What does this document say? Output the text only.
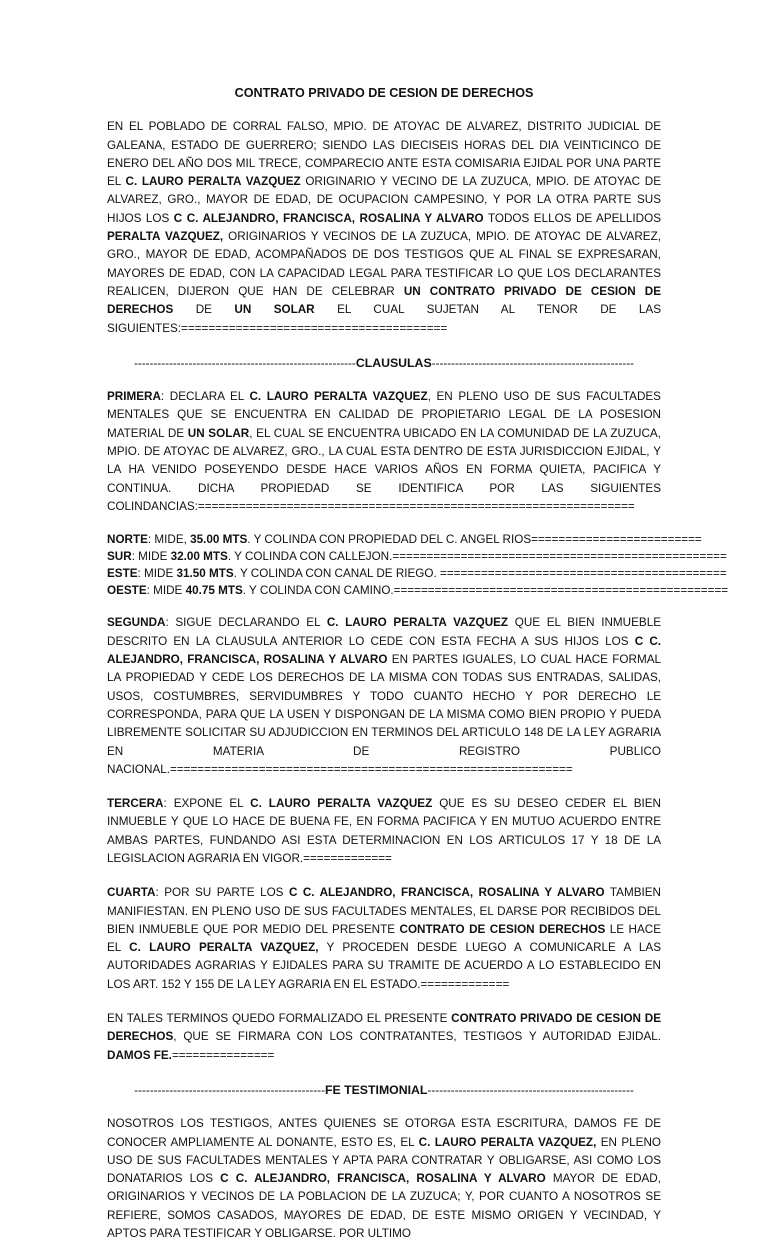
CONTRATO PRIVADO DE CESION DE DERECHOS

EN EL POBLADO DE CORRAL FALSO, MPIO. DE ATOYAC DE ALVAREZ, DISTRITO JUDICIAL DE GALEANA, ESTADO DE GUERRERO; SIENDO LAS DIECISEIS HORAS DEL DIA VEINTICINCO DE ENERO DEL AÑO DOS MIL TRECE, COMPARECIO ANTE ESTA COMISARIA EJIDAL POR UNA PARTE EL C. LAURO PERALTA VAZQUEZ ORIGINARIO Y VECINO DE LA ZUZUCA, MPIO. DE ATOYAC DE ALVAREZ, GRO., MAYOR DE EDAD, DE OCUPACION CAMPESINO, Y POR LA OTRA PARTE SUS HIJOS LOS C C. ALEJANDRO, FRANCISCA, ROSALINA Y ALVARO TODOS ELLOS DE APELLIDOS PERALTA VAZQUEZ, ORIGINARIOS Y VECINOS DE LA ZUZUCA, MPIO. DE ATOYAC DE ALVAREZ, GRO., MAYOR DE EDAD, ACOMPAÑADOS DE DOS TESTIGOS QUE AL FINAL SE EXPRESARAN, MAYORES DE EDAD, CON LA CAPACIDAD LEGAL PARA TESTIFICAR LO QUE LOS DECLARANTES REALICEN, DIJERON QUE HAN DE CELEBRAR UN CONTRATO PRIVADO DE CESION DE DERECHOS DE UN SOLAR EL CUAL SUJETAN AL TENOR DE LAS SIGUIENTES:=======================================

---------------------------------------------------------CLAUSULAS----------------------------------------------------

PRIMERA: DECLARA EL C. LAURO PERALTA VAZQUEZ, EN PLENO USO DE SUS FACULTADES MENTALES QUE SE ENCUENTRA EN CALIDAD DE PROPIETARIO LEGAL DE LA POSESION MATERIAL DE UN SOLAR, EL CUAL SE ENCUENTRA UBICADO EN LA COMUNIDAD DE LA ZUZUCA, MPIO. DE ATOYAC DE ALVAREZ, GRO., LA CUAL ESTA DENTRO DE ESTA JURISDICCION EJIDAL, Y LA HA VENIDO POSEYENDO DESDE HACE VARIOS AÑOS EN FORMA QUIETA, PACIFICA Y CONTINUA. DICHA PROPIEDAD SE IDENTIFICA POR LAS SIGUIENTES COLINDANCIAS:================================================================

NORTE: MIDE, 35.00 MTS. Y COLINDA CON PROPIEDAD DEL C. ANGEL RIOS=========================
SUR: MIDE 32.00 MTS. Y COLINDA CON CALLEJON.=================================================
ESTE: MIDE 31.50 MTS. Y COLINDA CON CANAL DE RIEGO. ==========================================
OESTE: MIDE 40.75 MTS. Y COLINDA CON CAMINO.=================================================

SEGUNDA: SIGUE DECLARANDO EL C. LAURO PERALTA VAZQUEZ QUE EL BIEN INMUEBLE DESCRITO EN LA CLAUSULA ANTERIOR LO CEDE CON ESTA FECHA A SUS HIJOS LOS C C. ALEJANDRO, FRANCISCA, ROSALINA Y ALVARO EN PARTES IGUALES, LO CUAL HACE FORMAL LA PROPIEDAD Y CEDE LOS DERECHOS DE LA MISMA CON TODAS SUS ENTRADAS, SALIDAS, USOS, COSTUMBRES, SERVIDUMBRES Y TODO CUANTO HECHO Y POR DERECHO LE CORRESPONDA, PARA QUE LA USEN Y DISPONGAN DE LA MISMA COMO BIEN PROPIO Y PUEDA LIBREMENTE SOLICITAR SU ADJUDICCION EN TERMINOS DEL ARTICULO 148 DE LA LEY AGRARIA EN MATERIA DE REGISTRO PUBLICO NACIONAL.===========================================================

TERCERA: EXPONE EL C. LAURO PERALTA VAZQUEZ QUE ES SU DESEO CEDER EL BIEN INMUEBLE Y QUE LO HACE DE BUENA FE, EN FORMA PACIFICA Y EN MUTUO ACUERDO ENTRE AMBAS PARTES, FUNDANDO ASI ESTA DETERMINACION EN LOS ARTICULOS 17 Y 18 DE LA LEGISLACION AGRARIA EN VIGOR.=============

CUARTA: POR SU PARTE LOS C C. ALEJANDRO, FRANCISCA, ROSALINA Y ALVARO TAMBIEN MANIFIESTAN. EN PLENO USO DE SUS FACULTADES MENTALES, EL DARSE POR RECIBIDOS DEL BIEN INMUEBLE QUE POR MEDIO DEL PRESENTE CONTRATO DE CESION DERECHOS LE HACE EL C. LAURO PERALTA VAZQUEZ, Y PROCEDEN DESDE LUEGO A COMUNICARLE A LAS AUTORIDADES AGRARIAS Y EJIDALES PARA SU TRAMITE DE ACUERDO A LO ESTABLECIDO EN LOS ART. 152 Y 155 DE LA LEY AGRARIA EN EL ESTADO.=============

EN TALES TERMINOS QUEDO FORMALIZADO EL PRESENTE CONTRATO PRIVADO DE CESION DE DERECHOS, QUE SE FIRMARA CON LOS CONTRATANTES, TESTIGOS Y AUTORIDAD EJIDAL. DAMOS FE.===============

-------------------------------------------------FE TESTIMONIAL-----------------------------------------------------

NOSOTROS LOS TESTIGOS, ANTES QUIENES SE OTORGA ESTA ESCRITURA, DAMOS FE DE CONOCER AMPLIAMENTE AL DONANTE, ESTO ES, EL C. LAURO PERALTA VAZQUEZ, EN PLENO USO DE SUS FACULTADES MENTALES Y APTA PARA CONTRATAR Y OBLIGARSE, ASI COMO LOS DONATARIOS LOS C C. ALEJANDRO, FRANCISCA, ROSALINA Y ALVARO MAYOR DE EDAD, ORIGINARIOS Y VECINOS DE LA POBLACION DE LA ZUZUCA; Y, POR CUANTO A NOSOTROS SE REFIERE, SOMOS CASADOS, MAYORES DE EDAD, DE ESTE MISMO ORIGEN Y VECINDAD, Y APTOS PARA TESTIFICAR Y OBLIGARSE. POR ULTIMO
